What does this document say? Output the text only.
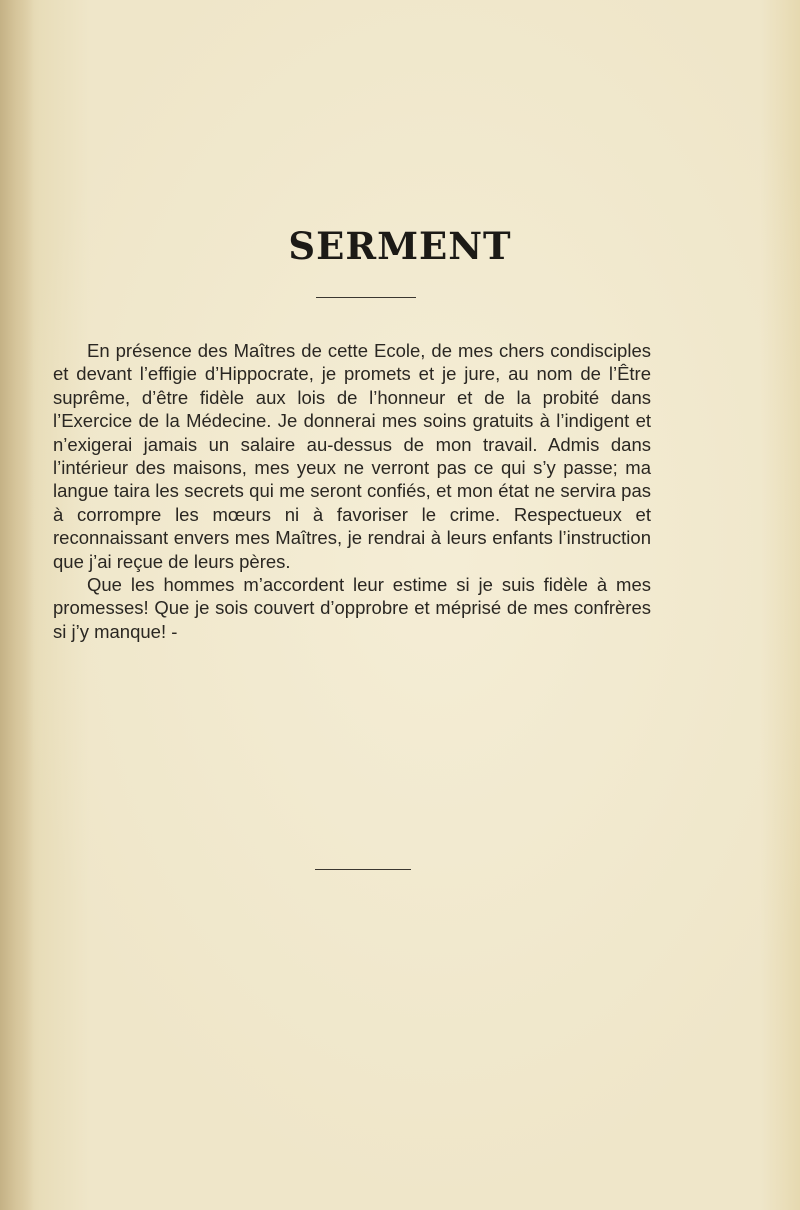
SERMENT

En présence des Maîtres de cette Ecole, de mes chers condisciples et devant l’effigie d’Hippocrate, je promets et je jure, au nom de l’Être suprême, d’être fidèle aux lois de l’honneur et de la probité dans l’Exercice de la Médecine. Je donnerai mes soins gratuits à l’indigent et n’exigerai jamais un salaire au-dessus de mon travail. Admis dans l’intérieur des maisons, mes yeux ne verront pas ce qui s’y passe; ma langue taira les secrets qui me seront confiés, et mon état ne servira pas à corrompre les mœurs ni à favoriser le crime. Respectueux et reconnaissant envers mes Maîtres, je rendrai à leurs enfants l’instruction que j’ai reçue de leurs pères.

Que les hommes m’accordent leur estime si je suis fidèle à mes promesses! Que je sois couvert d’opprobre et méprisé de mes confrères si j’y manque! -
